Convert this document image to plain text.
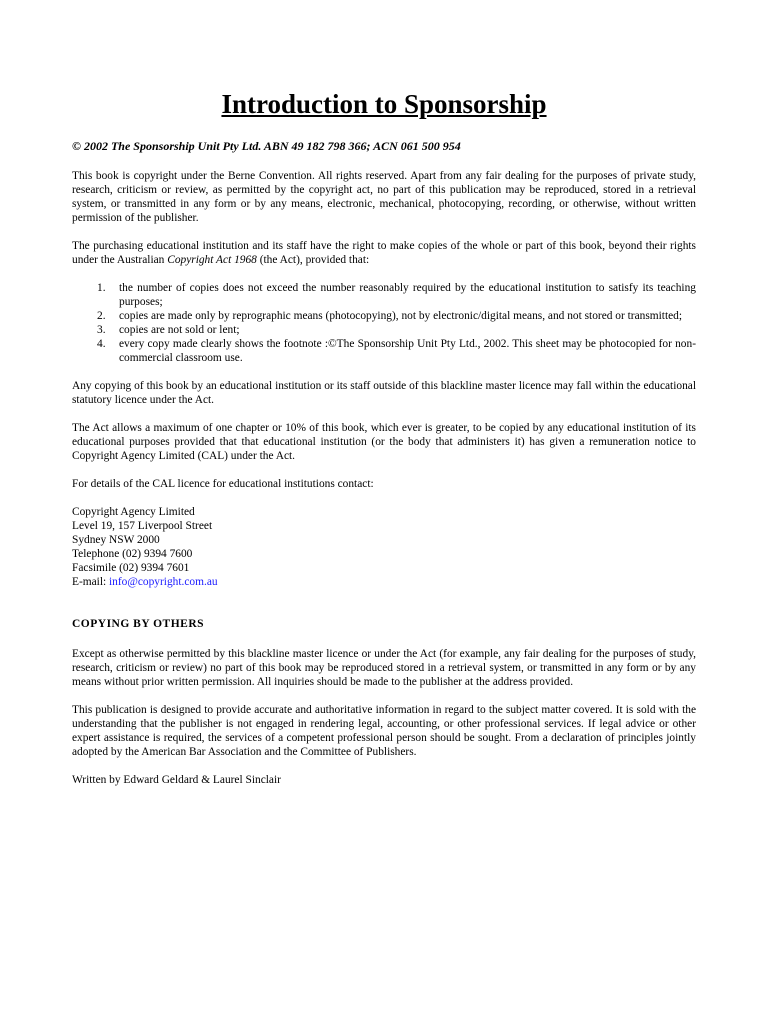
Introduction to Sponsorship
© 2002 The Sponsorship Unit Pty Ltd. ABN 49 182 798 366; ACN 061 500 954

This book is copyright under the Berne Convention. All rights reserved. Apart from any fair dealing for the purposes of private study, research, criticism or review, as permitted by the copyright act, no part of this publication may be reproduced, stored in a retrieval system, or transmitted in any form or by any means, electronic, mechanical, photocopying, recording, or otherwise, without written permission of the publisher.

The purchasing educational institution and its staff have the right to make copies of the whole or part of this book, beyond their rights under the Australian Copyright Act 1968 (the Act), provided that:

1. the number of copies does not exceed the number reasonably required by the educational institution to satisfy its teaching purposes;
2. copies are made only by reprographic means (photocopying), not by electronic/digital means, and not stored or transmitted;
3. copies are not sold or lent;
4. every copy made clearly shows the footnote :©The Sponsorship Unit Pty Ltd., 2002. This sheet may be photocopied for non-commercial classroom use.

Any copying of this book by an educational institution or its staff outside of this blackline master licence may fall within the educational statutory licence under the Act.

The Act allows a maximum of one chapter or 10% of this book, which ever is greater, to be copied by any educational institution of its educational purposes provided that that educational institution (or the body that administers it) has given a remuneration notice to Copyright Agency Limited (CAL) under the Act.

For details of the CAL licence for educational institutions contact:

Copyright Agency Limited
Level 19, 157 Liverpool Street
Sydney NSW 2000
Telephone (02) 9394 7600
Facsimile (02) 9394 7601
E-mail: info@copyright.com.au
COPYING BY OTHERS

Except as otherwise permitted by this blackline master licence or under the Act (for example, any fair dealing for the purposes of study, research, criticism or review) no part of this book may be reproduced stored in a retrieval system, or transmitted in any form or by any means without prior written permission. All inquiries should be made to the publisher at the address provided.

This publication is designed to provide accurate and authoritative information in regard to the subject matter covered. It is sold with the understanding that the publisher is not engaged in rendering legal, accounting, or other professional services. If legal advice or other expert assistance is required, the services of a competent professional person should be sought. From a declaration of principles jointly adopted by the American Bar Association and the Committee of Publishers.

Written by Edward Geldard & Laurel Sinclair
